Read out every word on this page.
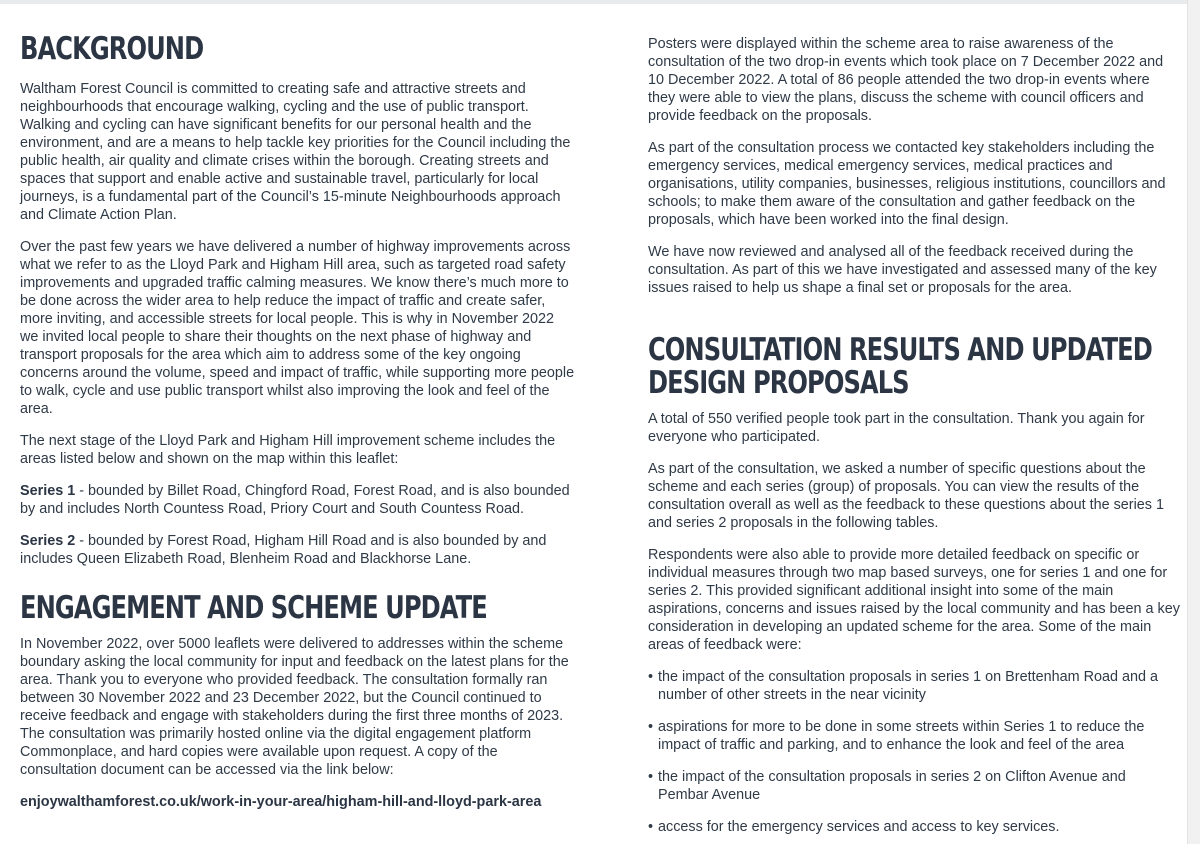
BACKGROUND

Waltham Forest Council is committed to creating safe and attractive streets and neighbourhoods that encourage walking, cycling and the use of public transport. Walking and cycling can have significant benefits for our personal health and the environment, and are a means to help tackle key priorities for the Council including the public health, air quality and climate crises within the borough. Creating streets and spaces that support and enable active and sustainable travel, particularly for local journeys, is a fundamental part of the Council’s 15-minute Neighbourhoods approach and Climate Action Plan.

Over the past few years we have delivered a number of highway improvements across what we refer to as the Lloyd Park and Higham Hill area, such as targeted road safety improvements and upgraded traffic calming measures. We know there’s much more to be done across the wider area to help reduce the impact of traffic and create safer, more inviting, and accessible streets for local people. This is why in November 2022 we invited local people to share their thoughts on the next phase of highway and transport proposals for the area which aim to address some of the key ongoing concerns around the volume, speed and impact of traffic, while supporting more people to walk, cycle and use public transport whilst also improving the look and feel of the area.

The next stage of the Lloyd Park and Higham Hill improvement scheme includes the areas listed below and shown on the map within this leaflet:

Series 1 - bounded by Billet Road, Chingford Road, Forest Road, and is also bounded by and includes North Countess Road, Priory Court and South Countess Road.

Series 2 - bounded by Forest Road, Higham Hill Road and is also bounded by and includes Queen Elizabeth Road, Blenheim Road and Blackhorse Lane.

ENGAGEMENT AND SCHEME UPDATE

In November 2022, over 5000 leaflets were delivered to addresses within the scheme boundary asking the local community for input and feedback on the latest plans for the area. Thank you to everyone who provided feedback. The consultation formally ran between 30 November 2022 and 23 December 2022, but the Council continued to receive feedback and engage with stakeholders during the first three months of 2023. The consultation was primarily hosted online via the digital engagement platform Commonplace, and hard copies were available upon request. A copy of the consultation document can be accessed via the link below:

enjoywalthamforest.co.uk/work-in-your-area/higham-hill-and-lloyd-park-area

Posters were displayed within the scheme area to raise awareness of the consultation of the two drop-in events which took place on 7 December 2022 and 10 December 2022. A total of 86 people attended the two drop-in events where they were able to view the plans, discuss the scheme with council officers and provide feedback on the proposals.

As part of the consultation process we contacted key stakeholders including the emergency services, medical emergency services, medical practices and organisations, utility companies, businesses, religious institutions, councillors and schools; to make them aware of the consultation and gather feedback on the proposals, which have been worked into the final design.

We have now reviewed and analysed all of the feedback received during the consultation. As part of this we have investigated and assessed many of the key issues raised to help us shape a final set or proposals for the area.

CONSULTATION RESULTS AND UPDATED
DESIGN PROPOSALS

A total of 550 verified people took part in the consultation. Thank you again for everyone who participated.

As part of the consultation, we asked a number of specific questions about the scheme and each series (group) of proposals. You can view the results of the consultation overall as well as the feedback to these questions about the series 1 and series 2 proposals in the following tables.

Respondents were also able to provide more detailed feedback on specific or individual measures through two map based surveys, one for series 1 and one for series 2. This provided significant additional insight into some of the main aspirations, concerns and issues raised by the local community and has been a key consideration in developing an updated scheme for the area. Some of the main areas of feedback were:

• the impact of the consultation proposals in series 1 on Brettenham Road and a number of other streets in the near vicinity
• aspirations for more to be done in some streets within Series 1 to reduce the impact of traffic and parking, and to enhance the look and feel of the area
• the impact of the consultation proposals in series 2 on Clifton Avenue and Pembar Avenue
• access for the emergency services and access to key services.
